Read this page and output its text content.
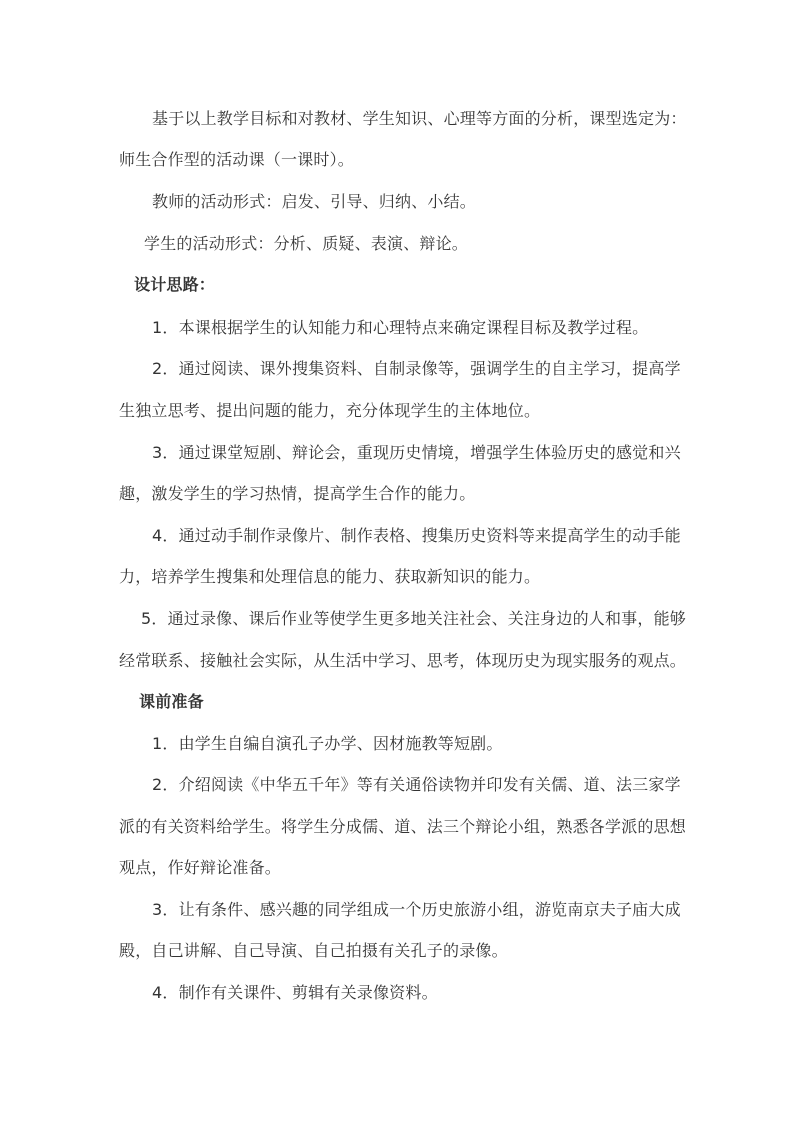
基于以上教学目标和对教材、学生知识、心理等方面的分析，课型选定为：
师生合作型的活动课（一课时）。
教师的活动形式：启发、引导、归纳、小结。
学生的活动形式：分析、质疑、表演、辩论。
设计思路：
1．本课根据学生的认知能力和心理特点来确定课程目标及教学过程。
2．通过阅读、课外搜集资料、自制录像等，强调学生的自主学习，提高学
生独立思考、提出问题的能力，充分体现学生的主体地位。
3．通过课堂短剧、辩论会，重现历史情境，增强学生体验历史的感觉和兴
趣，激发学生的学习热情，提高学生合作的能力。
4．通过动手制作录像片、制作表格、搜集历史资料等来提高学生的动手能
力，培养学生搜集和处理信息的能力、获取新知识的能力。
5．通过录像、课后作业等使学生更多地关注社会、关注身边的人和事，能够
经常联系、接触社会实际，从生活中学习、思考，体现历史为现实服务的观点。
课前准备
1．由学生自编自演孔子办学、因材施教等短剧。
2．介绍阅读《中华五千年》等有关通俗读物并印发有关儒、道、法三家学
派的有关资料给学生。将学生分成儒、道、法三个辩论小组，熟悉各学派的思想
观点，作好辩论准备。
3．让有条件、感兴趣的同学组成一个历史旅游小组，游览南京夫子庙大成
殿，自己讲解、自己导演、自己拍摄有关孔子的录像。
4．制作有关课件、剪辑有关录像资料。
